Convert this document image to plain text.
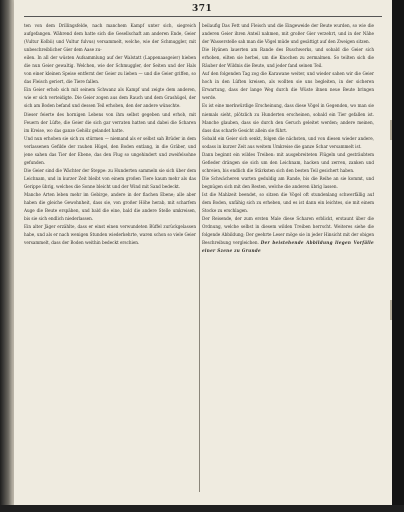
371

ten von dem Drillingsfelde, nach manchem Kampf unter sich, siegreich aufgefangen. Während dem hatte sich die Gesellschaft am anderen Ende, Geier (Vultur Kolbii) und Vultur fulvus) versammelt, welche, wie der Schmuggler, mit unbeschreiblicher Gier dem Aase zu-

eilen. In all der wüsten Aufsammlung auf der Walstatt (Lappenaasgeier) hieben die nun Geier gewaltig. Welchen, wie der Schmuggler, der Seiten und der Hals von einer kleinen Speise entfernt der Geier zu lieben — und die Geier griffen, so das Fleisch geriert, die Tiere fallen.

Ein Geier erhob sich mit seinem Schwanz als Kampf und zeigte dem anderen, wie er sich verteidigte. Die Geier zogen aus dem Rauch und dem Grashügel, der sich am Boden befand und dessen Teil erhoben, den der andere wünschte.

Dieser feierte des hornigen Lebens von ihm selbst gegeben und erhob, mit Feuern der Lüfte, die Geier die sich gar verraten hatten und dabei die Scharen im Kreise, wo das ganze Gehölz gelandet hatte.

Und nun erhoben sie sich zu stürmen — niemand als er selbst sah Brüder in dem verlassenen Gefilde der rauhen Hügel, den Boden entlang, in die Gräber, und jene sahen das Tier der Ebene, das den Flug so ungehindert und zweifelsohne gefunden.

Die Geier sind die Wächter der Steppe: zu Hunderten sammeln sie sich über dem Leichnam, und in kurzer Zeit bleibt von einem großen Tiere kaum mehr als das Gerippe übrig, welches die Sonne bleicht und der Wind mit Sand bedeckt.

Manche Arten leben mehr im Gebirge, andere in der flachen Ebene; alle aber haben die gleiche Gewohnheit, dass sie, von großer Höhe herab, mit scharfem Auge die Beute erspähen, und bald die eine, bald die andere Stelle umkreisen, bis sie sich endlich niederlassen.

Ein alter Jäger erzählte, dass er einst einen verwundeten Büffel zurückgelassen habe, und als er nach wenigen Stunden wiederkehrte, waren schon so viele Geier versammelt, dass der Boden weithin bedeckt erschien.

beilaufig Das Fett und Fleisch und die Eingeweide der Beute wurden, so wie die anderen Geier ihren Anteil nahmen, mit großer Gier verzehrt, und in der Nähe der Wasserstelle sah man die Vögel müde und gesättigt auf den Zweigen sitzen.

Die Hyänen lauerten am Rande des Buschwerks, und sobald die Geier sich erhoben, eilten sie herbei, um die Knochen zu zermalmen. So teilten sich die Räuber der Wildnis die Beute, und jeder fand seinen Teil.

Auf den folgenden Tag zog die Karawane weiter, und wieder sahen wir die Geier hoch in den Lüften kreisen, als wollten sie uns begleiten, in der sicheren Erwartung, dass der lange Weg durch die Wüste ihnen neue Beute bringen werde.

Es ist eine merkwürdige Erscheinung, dass diese Vögel in Gegenden, wo man sie niemals sieht, plötzlich zu Hunderten erscheinen, sobald ein Tier gefallen ist. Manche glauben, dass sie durch den Geruch geleitet werden; andere meinen, dass das scharfe Gesicht allein sie führt.

Sobald ein Geier sich senkt, folgen die nächsten, und von diesen wieder andere, sodass in kurzer Zeit aus weitem Umkreise die ganze Schar versammelt ist.

Dann beginnt ein wildes Treiben: mit ausgebreiteten Flügeln und gesträubtem Gefieder drängen sie sich um den Leichnam, hacken und zerren, zanken und schreien, bis endlich die Stärksten sich den besten Teil gesichert haben.

Die Schwächeren warten geduldig am Rande, bis die Reihe an sie kommt, und begnügen sich mit den Resten, welche die anderen übrig lassen.

Ist die Mahlzeit beendet, so sitzen die Vögel oft stundenlang schwerfällig auf dem Boden, unfähig sich zu erheben, und es ist dann ein leichtes, sie mit einem Stocke zu erschlagen.

Der Reisende, der zum ersten Male diese Scharen erblickt, erstaunt über die Ordnung, welche selbst in diesem wilden Treiben herrscht. Weiteres siehe die folgende Abbildung; Der geehrte Leser möge sie in jeder Hinsicht mit der obigen Beschreibung vergleichen. Der beistehende Abbildung liegen Vorfälle einer Szene zu Grunde
